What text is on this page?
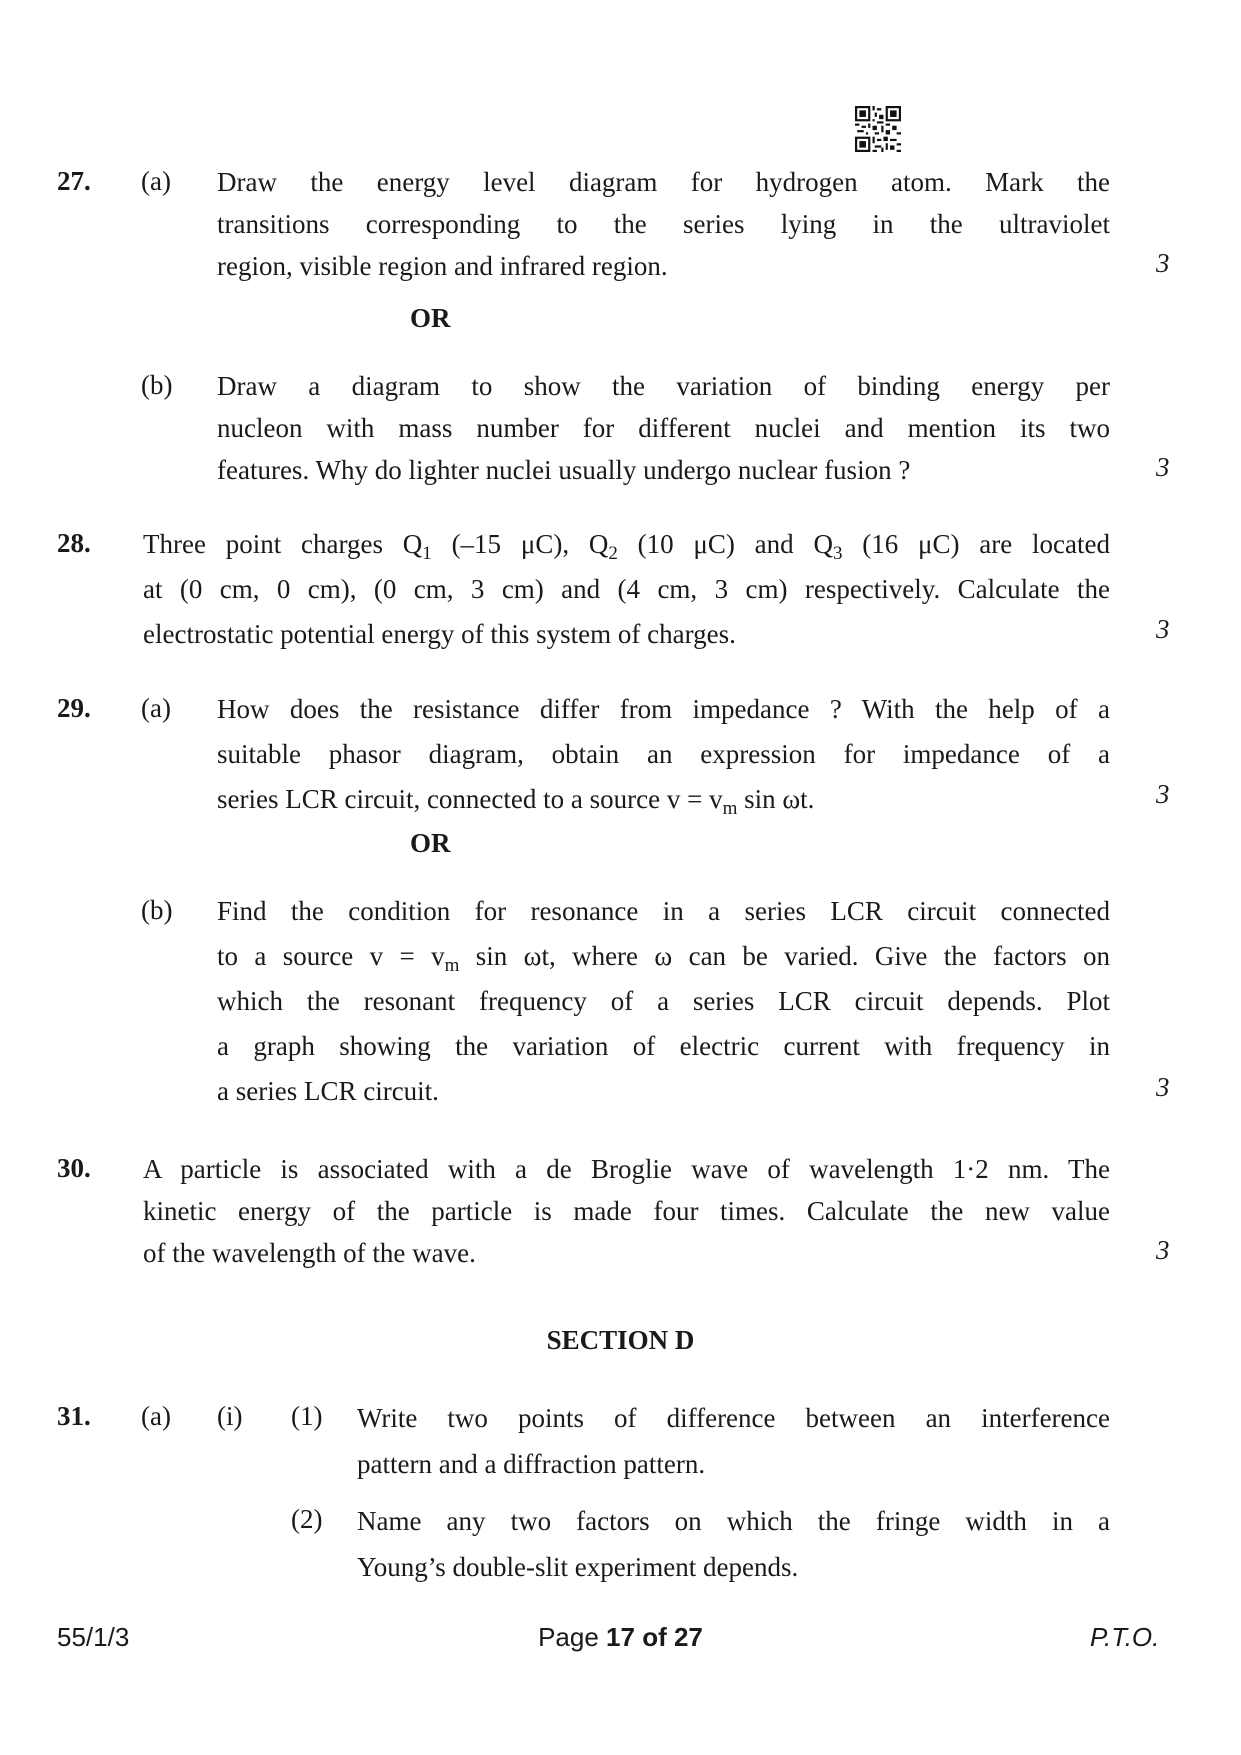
27. (a) Draw the energy level diagram for hydrogen atom. Mark the
transitions corresponding to the series lying in the ultraviolet
region, visible region and infrared region.	3
OR
(b) Draw a diagram to show the variation of binding energy per
nucleon with mass number for different nuclei and mention its two
features. Why do lighter nuclei usually undergo nuclear fusion ?	3
28. Three point charges $Q_1$ (–15 μC), $Q_2$ (10 μC) and $Q_3$ (16 μC) are located
at (0 cm, 0 cm), (0 cm, 3 cm) and (4 cm, 3 cm) respectively. Calculate the
electrostatic potential energy of this system of charges.	3
29. (a) How does the resistance differ from impedance ? With the help of a
suitable phasor diagram, obtain an expression for impedance of a
series LCR circuit, connected to a source $v = v_m$ sin ωt.	3
OR
(b) Find the condition for resonance in a series LCR circuit connected
to a source $v = v_m$ sin ωt, where ω can be varied. Give the factors on
which the resonant frequency of a series LCR circuit depends. Plot
a graph showing the variation of electric current with frequency in
a series LCR circuit.	3
30. A particle is associated with a de Broglie wave of wavelength 1·2 nm. The
kinetic energy of the particle is made four times. Calculate the new value
of the wavelength of the wave.	3
SECTION D
31. (a) (i) (1) Write two points of difference between an interference
pattern and a diffraction pattern.
(2) Name any two factors on which the fringe width in a
Young’s double-slit experiment depends.
55/1/3	Page 17 of 27	P.T.O.
